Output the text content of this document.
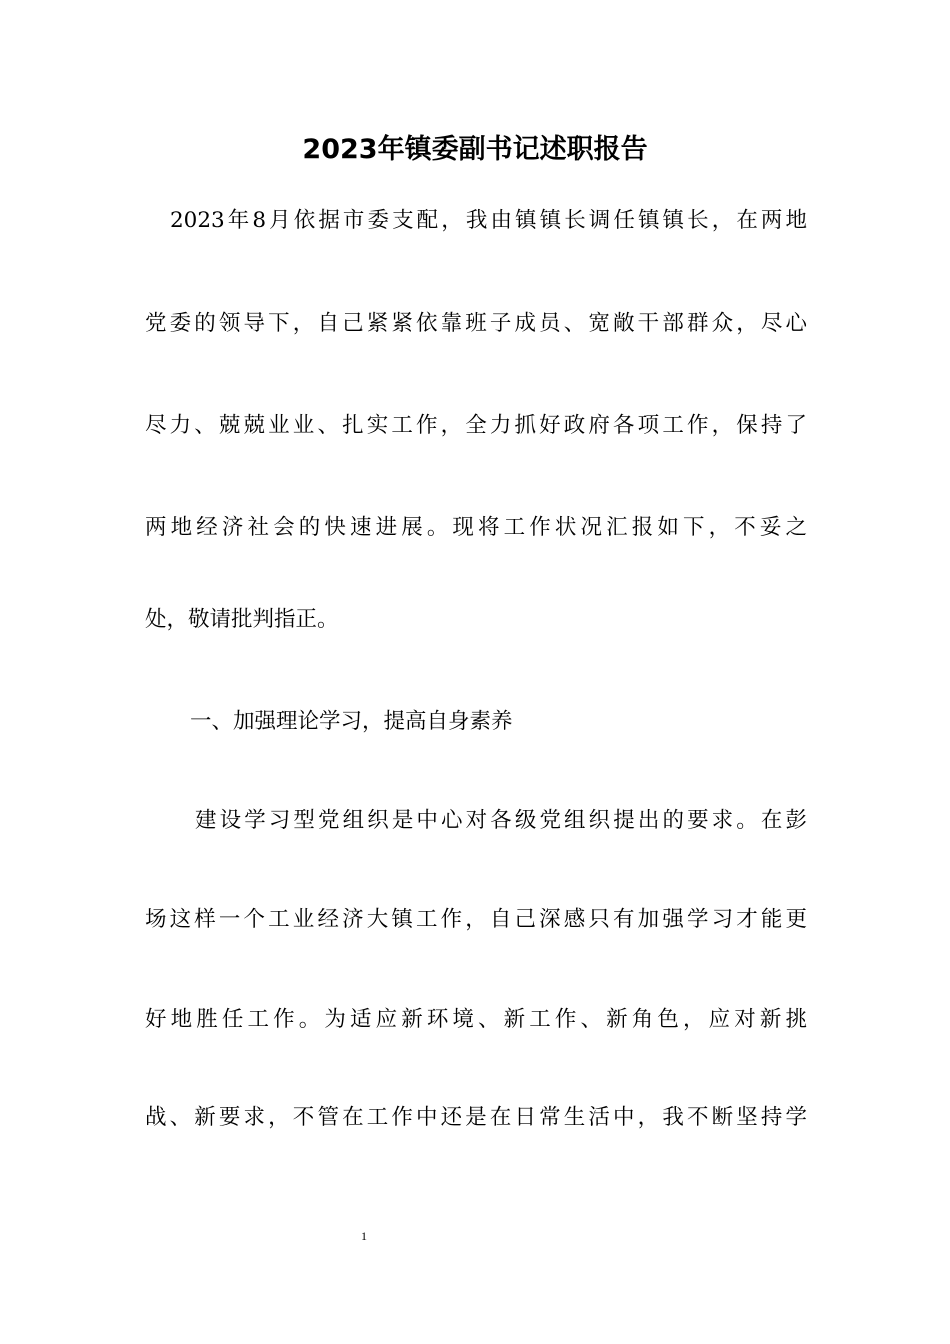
2023年镇委副书记述职报告
2023年8月依据市委支配，我由镇镇长调任镇镇长，在两地
党委的领导下，自己紧紧依靠班子成员、宽敞干部群众，尽心
尽力、兢兢业业、扎实工作，全力抓好政府各项工作，保持了
两地经济社会的快速进展。现将工作状况汇报如下，不妥之
处，敬请批判指正。
一、加强理论学习，提高自身素养
建设学习型党组织是中心对各级党组织提出的要求。在彭
场这样一个工业经济大镇工作，自己深感只有加强学习才能更
好地胜任工作。为适应新环境、新工作、新角色，应对新挑
战、新要求，不管在工作中还是在日常生活中，我不断坚持学
1
